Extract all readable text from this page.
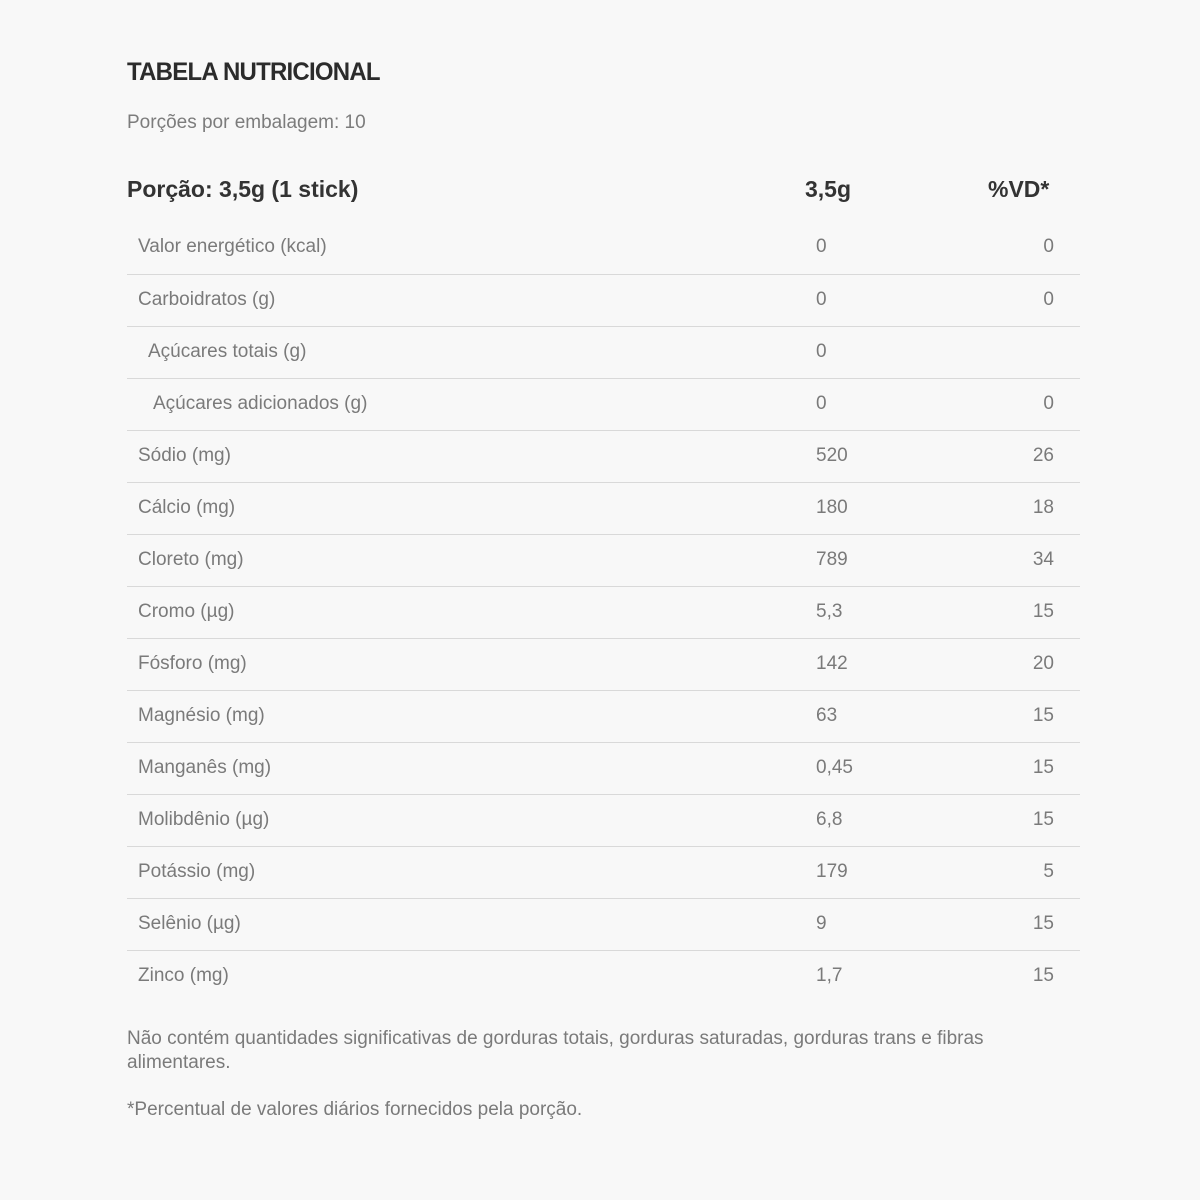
TABELA NUTRICIONAL
Porções por embalagem: 10
Porção: 3,5g (1 stick)	3,5g	%VD*
Valor energético (kcal)	0	0
Carboidratos (g)	0	0
Açúcares totais (g)	0
Açúcares adicionados (g)	0	0
Sódio (mg)	520	26
Cálcio (mg)	180	18
Cloreto (mg)	789	34
Cromo (µg)	5,3	15
Fósforo (mg)	142	20
Magnésio (mg)	63	15
Manganês (mg)	0,45	15
Molibdênio (µg)	6,8	15
Potássio (mg)	179	5
Selênio (µg)	9	15
Zinco (mg)	1,7	15

Não contém quantidades significativas de gorduras totais, gorduras saturadas, gorduras trans e fibras alimentares.

*Percentual de valores diários fornecidos pela porção.
